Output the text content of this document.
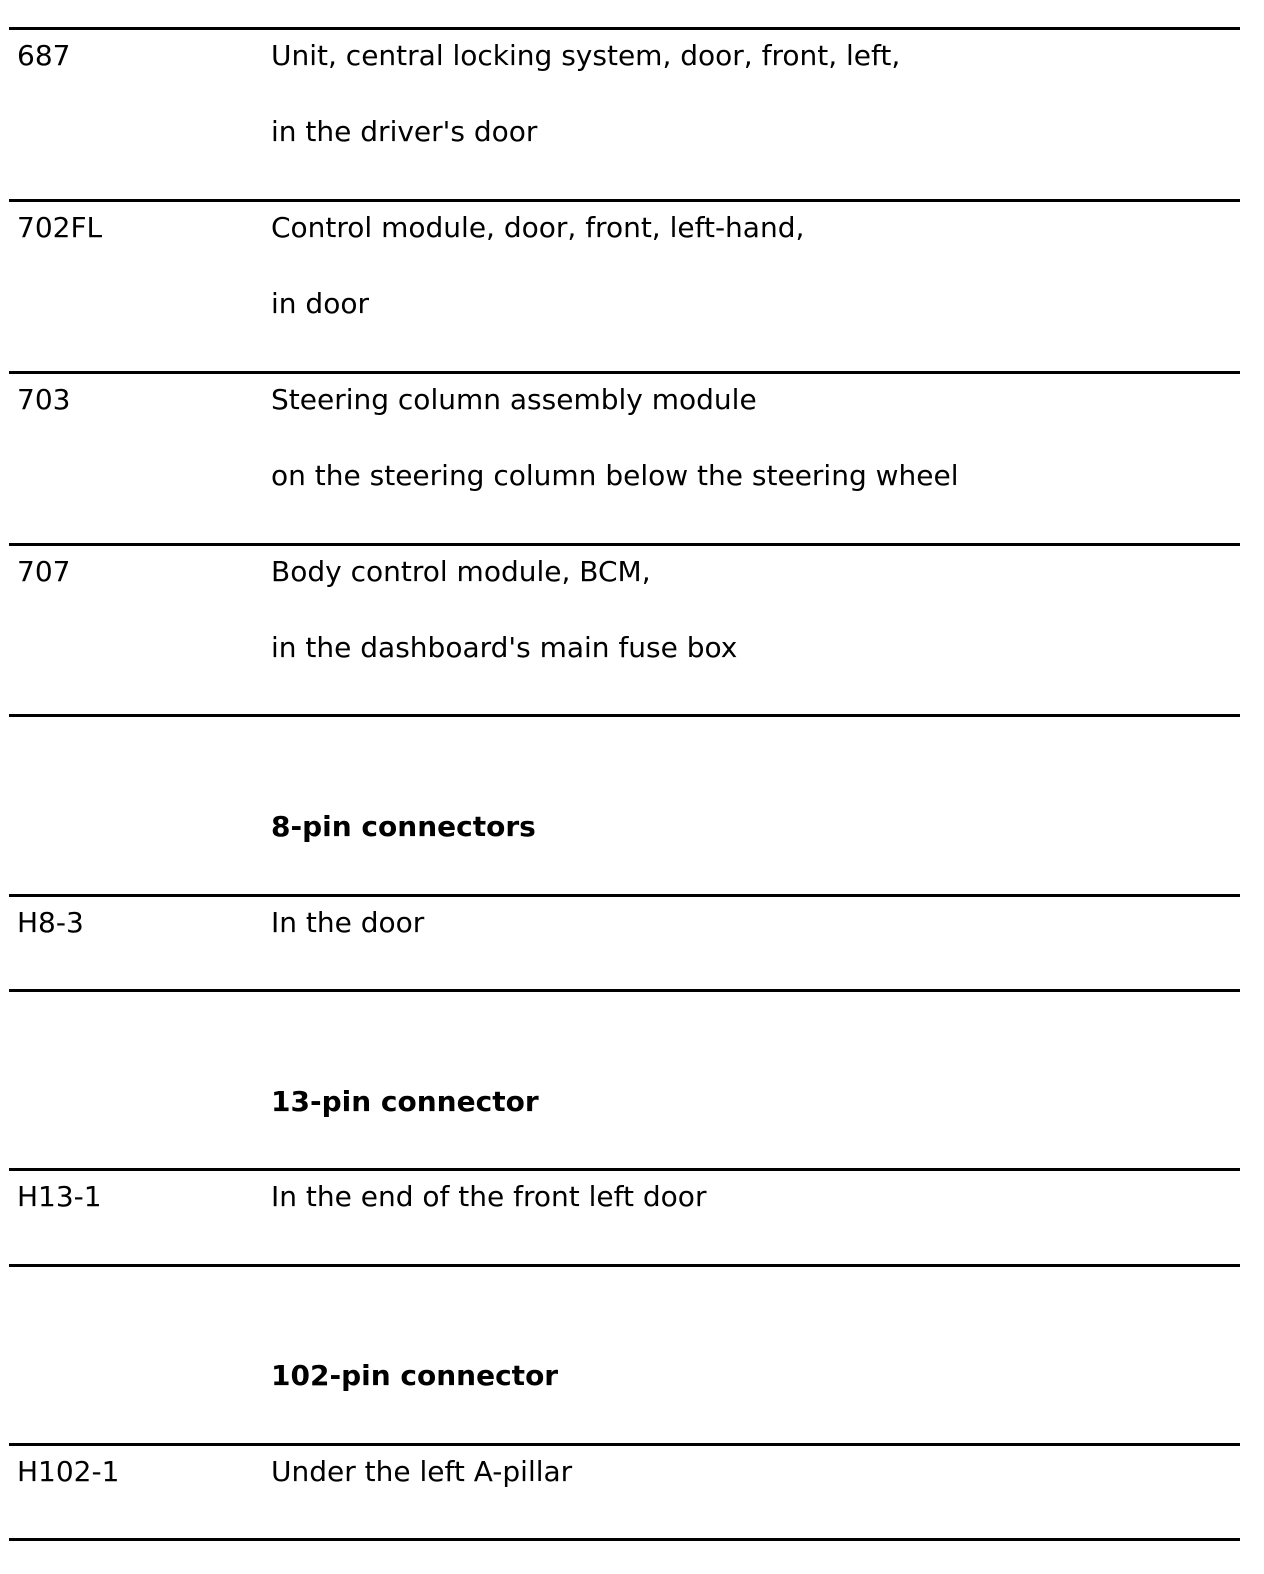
687	Unit, central locking system, door, front, left,
in the driver's door
702FL	Control module, door, front, left-hand,
in door
703	Steering column assembly module
on the steering column below the steering wheel
707	Body control module, BCM,
in the dashboard's main fuse box
8-pin connectors
H8-3	In the door
13-pin connector
H13-1	In the end of the front left door
102-pin connector
H102-1	Under the left A-pillar
